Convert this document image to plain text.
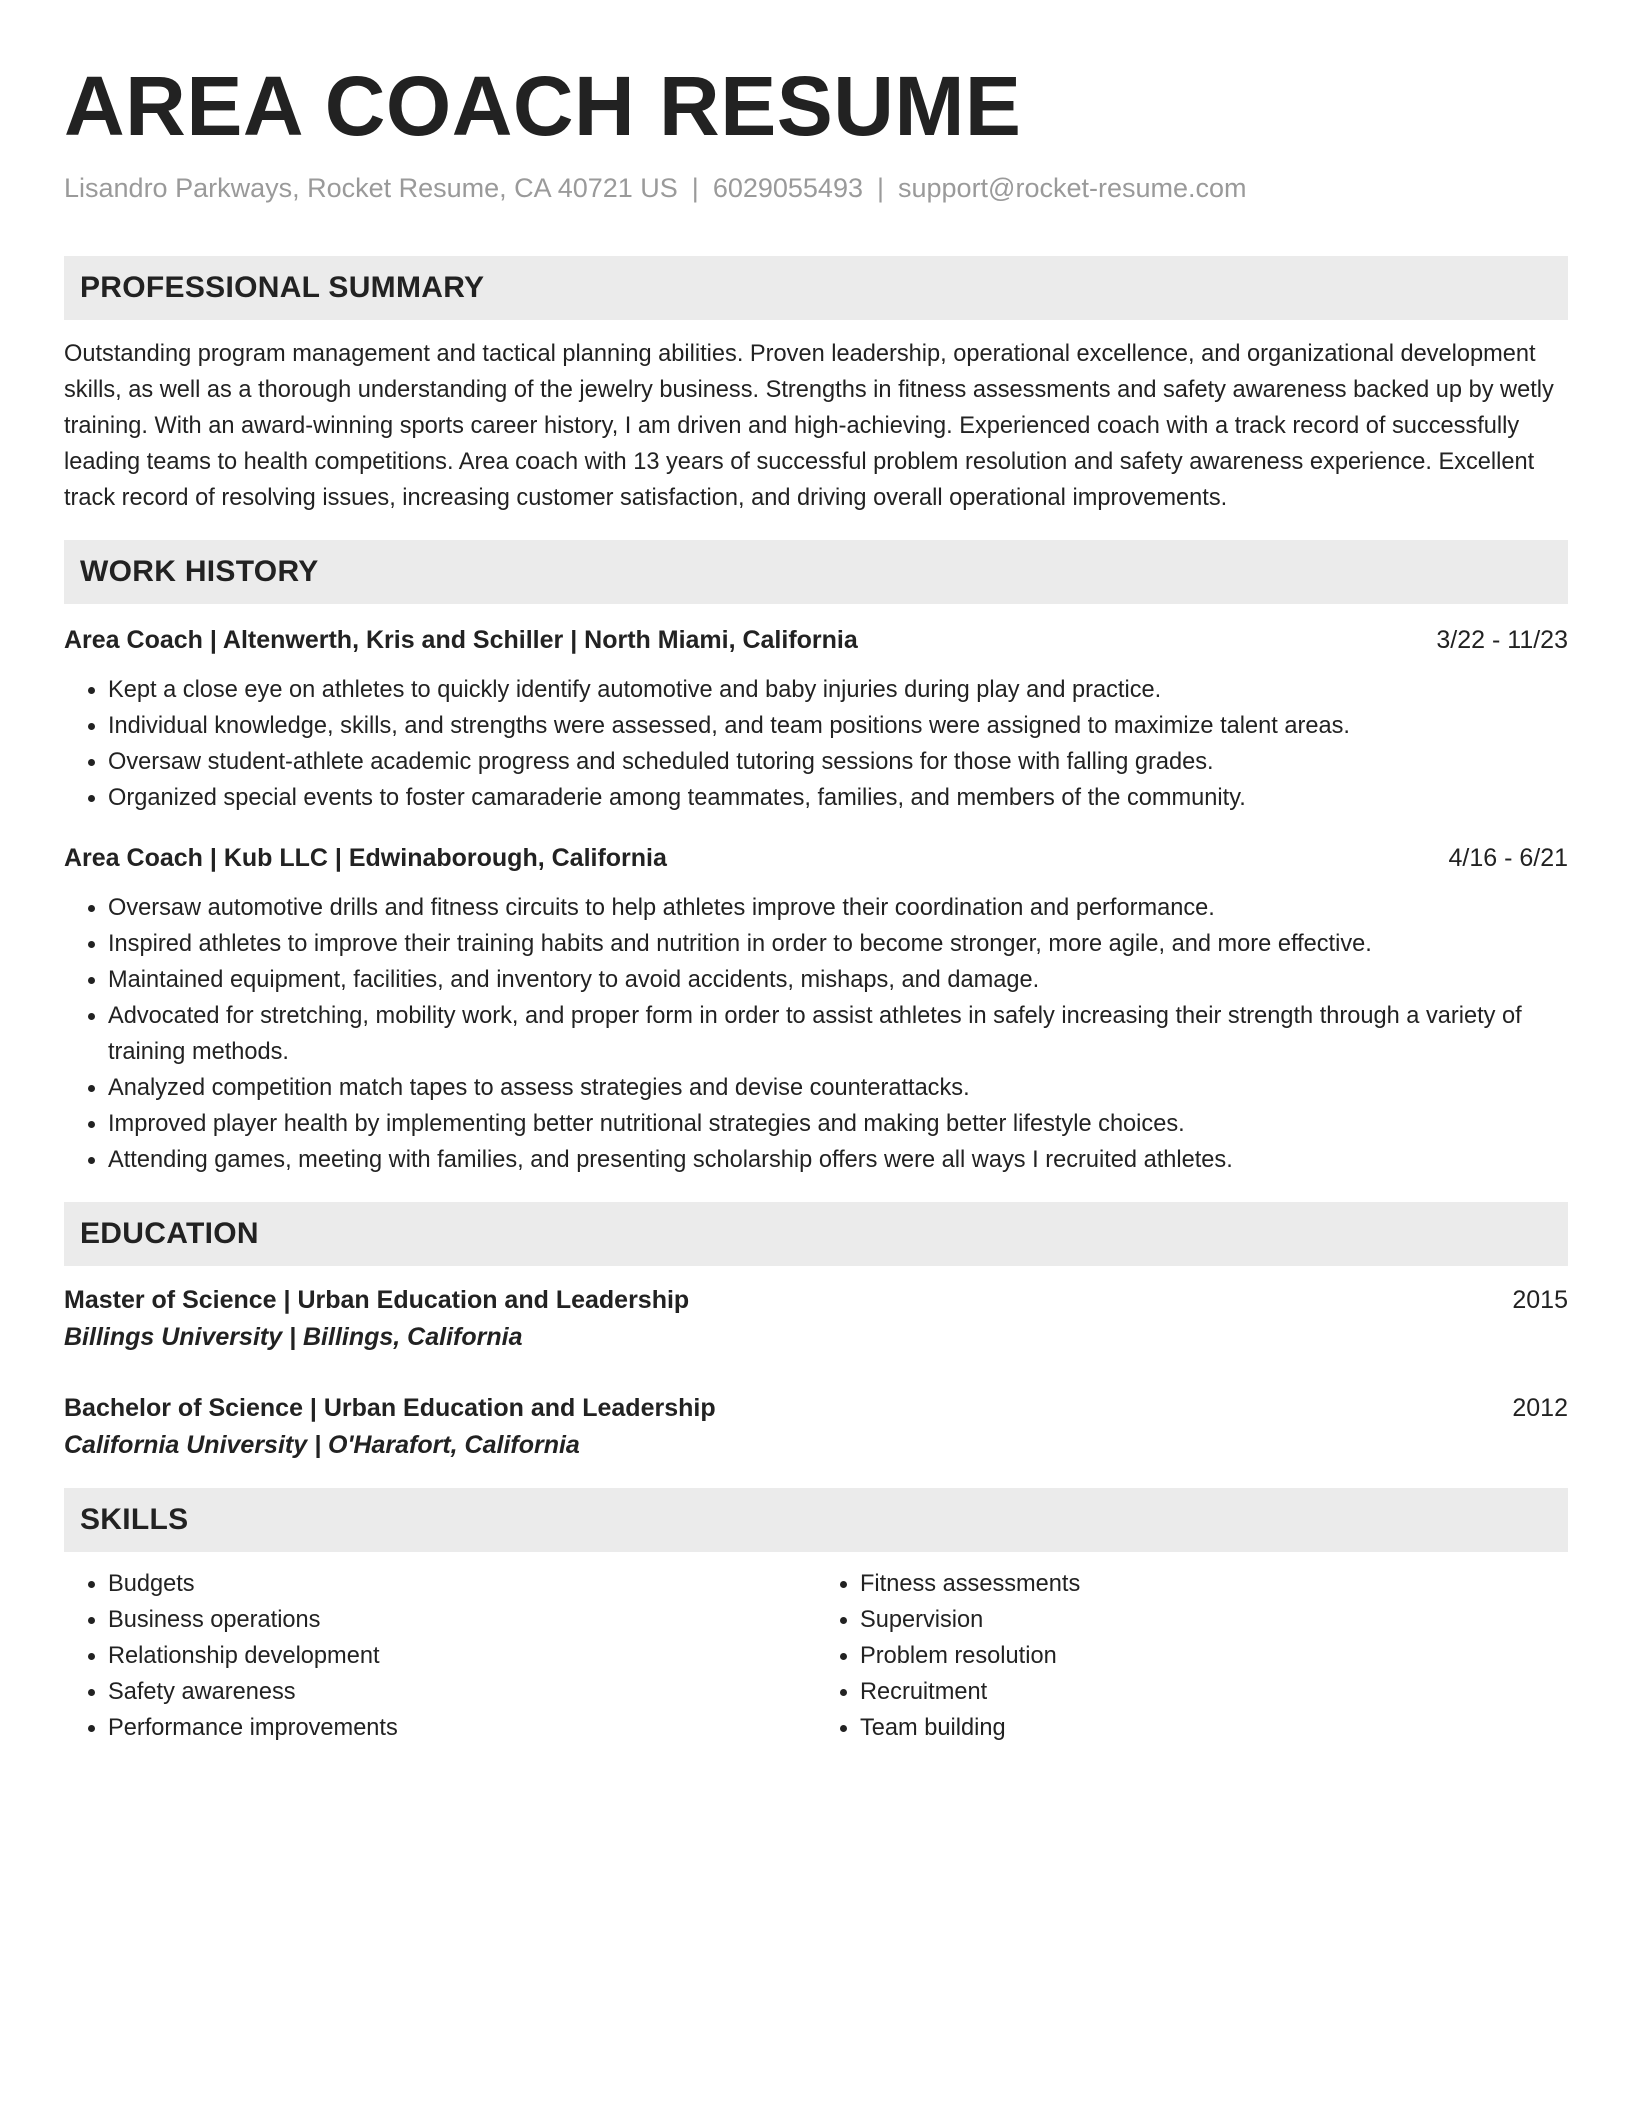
AREA COACH RESUME
Lisandro Parkways, Rocket Resume, CA 40721 US | 6029055493 | support@rocket-resume.com
PROFESSIONAL SUMMARY
Outstanding program management and tactical planning abilities. Proven leadership, operational excellence, and organizational development skills, as well as a thorough understanding of the jewelry business. Strengths in fitness assessments and safety awareness backed up by wetly training. With an award-winning sports career history, I am driven and high-achieving. Experienced coach with a track record of successfully leading teams to health competitions. Area coach with 13 years of successful problem resolution and safety awareness experience. Excellent track record of resolving issues, increasing customer satisfaction, and driving overall operational improvements.
WORK HISTORY
Area Coach | Altenwerth, Kris and Schiller | North Miami, California	3/22 - 11/23
• Kept a close eye on athletes to quickly identify automotive and baby injuries during play and practice.
• Individual knowledge, skills, and strengths were assessed, and team positions were assigned to maximize talent areas.
• Oversaw student-athlete academic progress and scheduled tutoring sessions for those with falling grades.
• Organized special events to foster camaraderie among teammates, families, and members of the community.
Area Coach | Kub LLC | Edwinaborough, California	4/16 - 6/21
• Oversaw automotive drills and fitness circuits to help athletes improve their coordination and performance.
• Inspired athletes to improve their training habits and nutrition in order to become stronger, more agile, and more effective.
• Maintained equipment, facilities, and inventory to avoid accidents, mishaps, and damage.
• Advocated for stretching, mobility work, and proper form in order to assist athletes in safely increasing their strength through a variety of training methods.
• Analyzed competition match tapes to assess strategies and devise counterattacks.
• Improved player health by implementing better nutritional strategies and making better lifestyle choices.
• Attending games, meeting with families, and presenting scholarship offers were all ways I recruited athletes.
EDUCATION
Master of Science | Urban Education and Leadership	2015
Billings University | Billings, California
Bachelor of Science | Urban Education and Leadership	2012
California University | O'Harafort, California
SKILLS
• Budgets
• Business operations
• Relationship development
• Safety awareness
• Performance improvements
• Fitness assessments
• Supervision
• Problem resolution
• Recruitment
• Team building
